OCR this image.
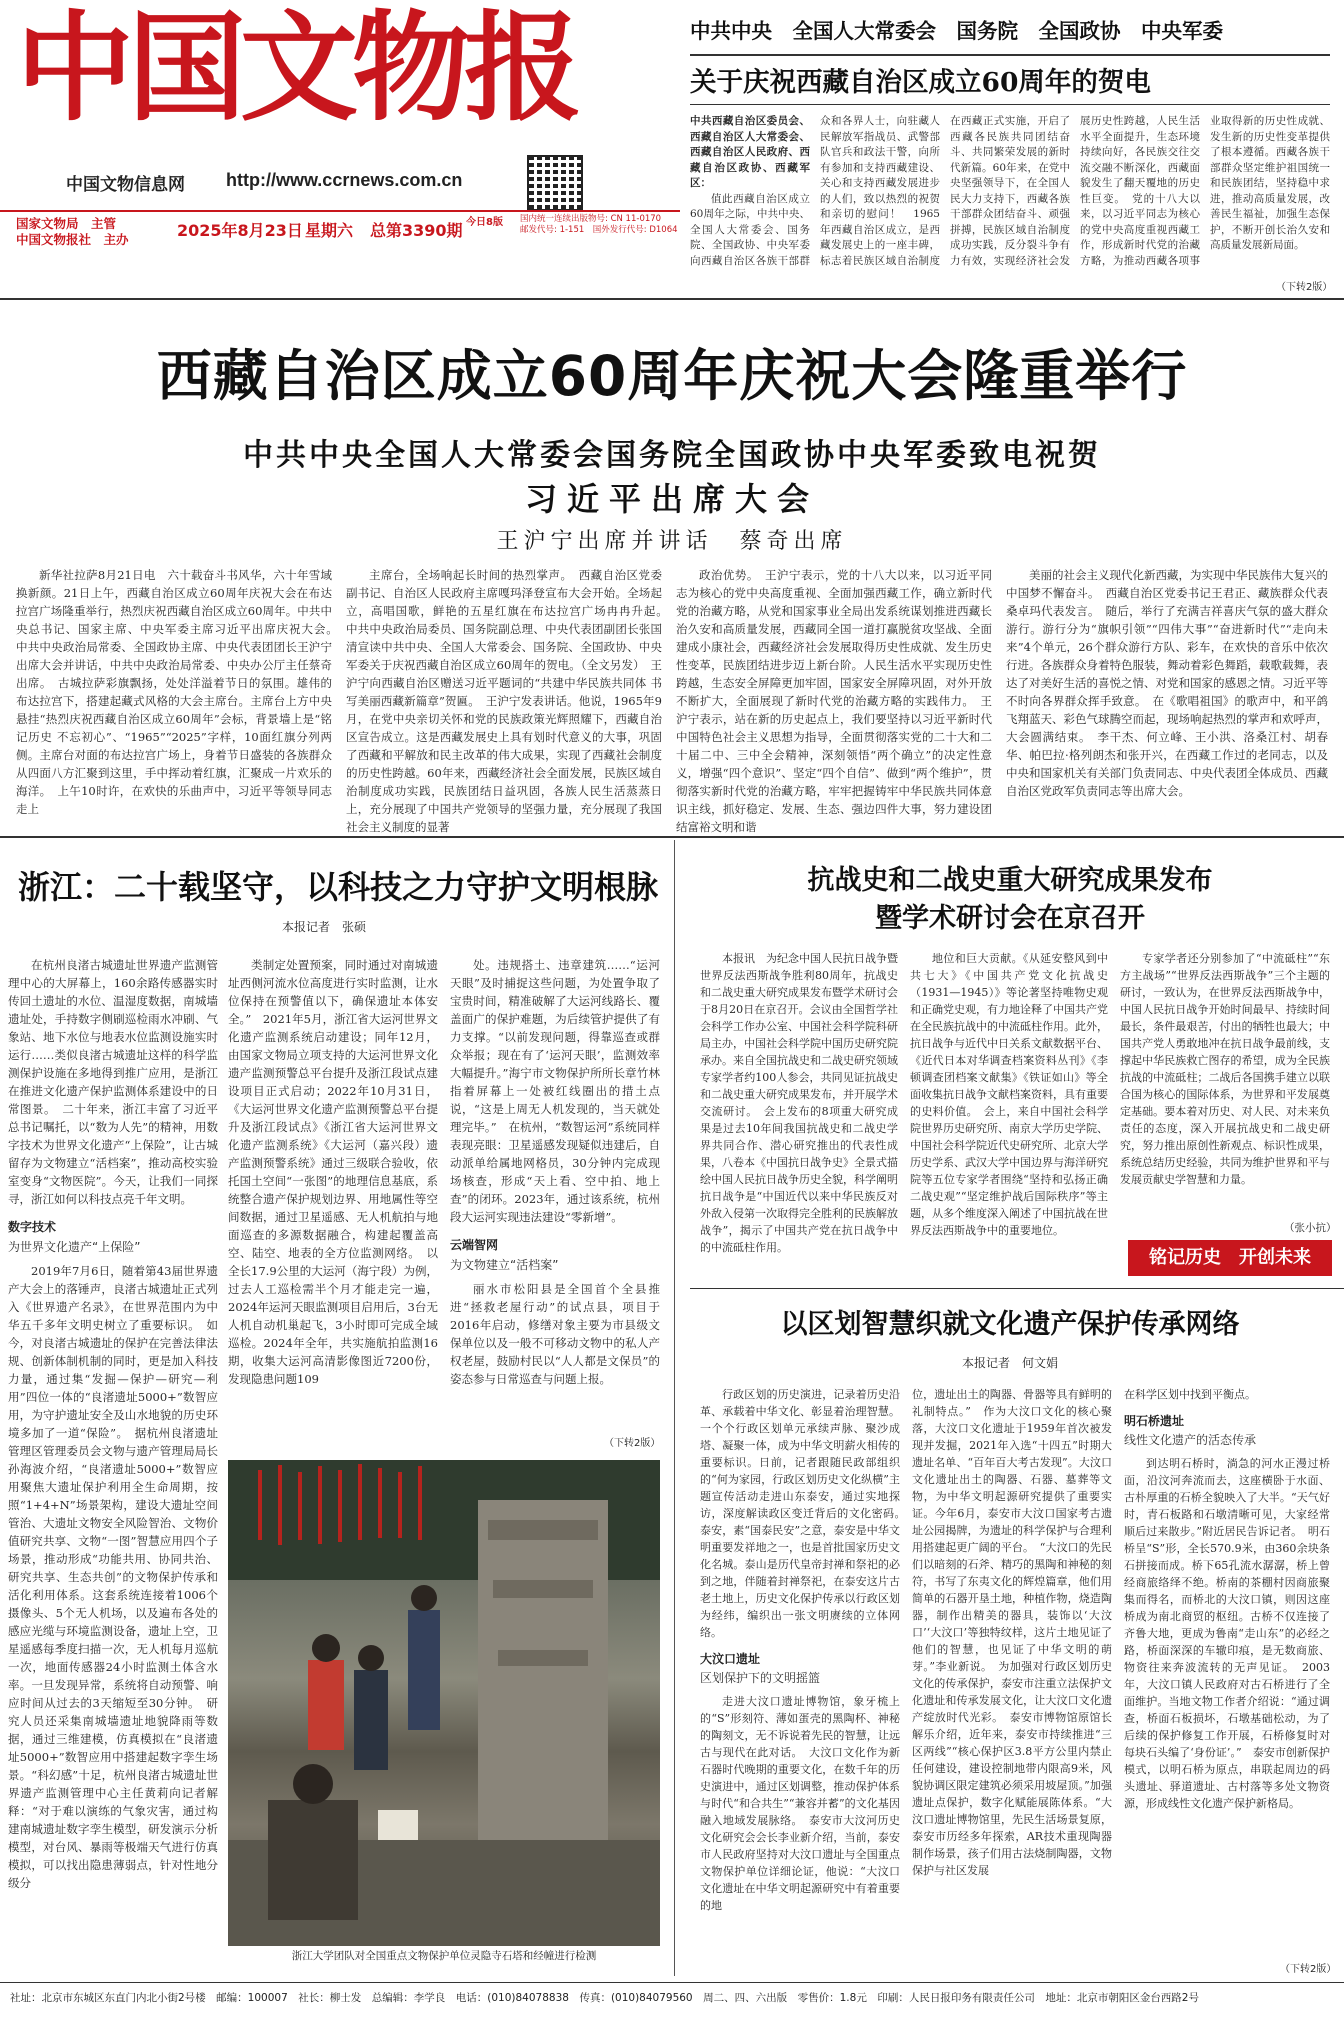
中国文物报
中国文物信息网 http://www.ccrnews.com.cn
国家文物局　 主管
中国文物报社　 主办	2025年8月23日 星期六 总第3390期 今日8版 国内统一连续出版物号: CN 11-0170
邮发代号: 1-151　 国外发行代号: D1064
中共中央　全国人大常委会　国务院　全国政协　中央军委
关于庆祝西藏自治区成立60周年的贺电

中共西藏自治区委员会、西藏自治区人大常委会、西藏自治区人民政府、西藏自治区政协、西藏军区：

值此西藏自治区成立60周年之际，中共中央、全国人大常委会、国务院、全国政协、中央军委向西藏自治区各族干部群众和各界人士，向驻藏人民解放军指战员、武警部队官兵和政法干警，向所有参加和支持西藏建设、关心和支持西藏发展进步的人们，致以热烈的祝贺和亲切的慰问！　1965年西藏自治区成立，是西藏发展史上的一座丰碑，标志着民族区域自治制度在西藏正式实施，开启了西藏各民族共同团结奋斗、共同繁荣发展的新时代新篇。60年来，在党中央坚强领导下，在全国人民大力支持下，西藏各族干部群众团结奋斗、顽强拼搏，民族区域自治制度成功实践，反分裂斗争有力有效，实现经济社会发展历史性跨越，人民生活水平全面提升，生态环境持续向好，各民族交往交流交融不断深化，西藏面貌发生了翻天覆地的历史性巨变。　党的十八大以来，以习近平同志为核心的党中央高度重视西藏工作，形成新时代党的治藏方略，为推动西藏各项事业取得新的历史性成就、发生新的历史性变革提供了根本遵循。西藏各族干部群众坚定维护祖国统一和民族团结，坚持稳中求进，推动高质量发展，改善民生福祉，加强生态保护，不断开创长治久安和高质量发展新局面。

（下转2版）
西藏自治区成立60周年庆祝大会隆重举行
中共中央全国人大常委会国务院全国政协中央军委致电祝贺
习近平出席大会
王沪宁出席并讲话　蔡奇出席

新华社拉萨8月21日电　六十载奋斗书风华，六十年雪域换新颜。21日上午，西藏自治区成立60周年庆祝大会在布达拉宫广场隆重举行，热烈庆祝西藏自治区成立60周年。中共中央总书记、国家主席、中央军委主席习近平出席庆祝大会。　中共中央政治局常委、全国政协主席、中央代表团团长王沪宁出席大会并讲话，中共中央政治局常委、中央办公厅主任蔡奇出席。　古城拉萨彩旗飘扬，处处洋溢着节日的氛围。雄伟的布达拉宫下，搭建起藏式风格的大会主席台。主席台上方中央悬挂“热烈庆祝西藏自治区成立60周年”会标，背景墙上是“铭记历史 不忘初心”、“1965”“2025”字样，10面红旗分列两侧。主席台对面的布达拉宫广场上，身着节日盛装的各族群众从四面八方汇聚到这里，手中挥动着红旗，汇聚成一片欢乐的海洋。　上午10时许，在欢快的乐曲声中，习近平等领导同志走上

主席台，全场响起长时间的热烈掌声。　西藏自治区党委副书记、自治区人民政府主席嘎玛泽登宣布大会开始。全场起立，高唱国歌，鲜艳的五星红旗在布达拉宫广场冉冉升起。　中共中央政治局委员、国务院副总理、中央代表团副团长张国清宣读中共中央、全国人大常委会、国务院、全国政协、中央军委关于庆祝西藏自治区成立60周年的贺电。（全文另发）　王沪宁向西藏自治区赠送习近平题词的“共建中华民族共同体 书写美丽西藏新篇章”贺匾。　王沪宁发表讲话。他说，1965年9月，在党中央亲切关怀和党的民族政策光辉照耀下，西藏自治区宣告成立。这是西藏发展史上具有划时代意义的大事，巩固了西藏和平解放和民主改革的伟大成果，实现了西藏社会制度的历史性跨越。60年来，西藏经济社会全面发展，民族区域自治制度成功实践，民族团结日益巩固，各族人民生活蒸蒸日上，充分展现了中国共产党领导的坚强力量，充分展现了我国社会主义制度的显著

政治优势。　王沪宁表示，党的十八大以来，以习近平同志为核心的党中央高度重视、全面加强西藏工作，确立新时代党的治藏方略，从党和国家事业全局出发系统谋划推进西藏长治久安和高质量发展，西藏同全国一道打赢脱贫攻坚战、全面建成小康社会，西藏经济社会发展取得历史性成就、发生历史性变革，民族团结进步迈上新台阶。人民生活水平实现历史性跨越，生态安全屏障更加牢固，国家安全屏障巩固，对外开放不断扩大，全面展现了新时代党的治藏方略的实践伟力。　王沪宁表示，站在新的历史起点上，我们要坚持以习近平新时代中国特色社会主义思想为指导，全面贯彻落实党的二十大和二十届二中、三中全会精神，深刻领悟“两个确立”的决定性意义，增强“四个意识”、坚定“四个自信”、做到“两个维护”，贯彻落实新时代党的治藏方略，牢牢把握铸牢中华民族共同体意识主线，抓好稳定、发展、生态、强边四件大事，努力建设团结富裕文明和谐

美丽的社会主义现代化新西藏，为实现中华民族伟大复兴的中国梦不懈奋斗。　西藏自治区党委书记王君正、藏族群众代表桑卓玛代表发言。　随后，举行了充满吉祥喜庆气氛的盛大群众游行。游行分为“旗帜引领”“四伟大事”“奋进新时代”“走向未来”4个单元，26个群众游行方队、彩车，在欢快的音乐中依次行进。各族群众身着特色服装，舞动着彩色舞蹈，载歌载舞，表达了对美好生活的喜悦之情、对党和国家的感恩之情。习近平等不时向各界群众挥手致意。　在《歌唱祖国》的歌声中，和平鸽飞翔蓝天、彩色气球腾空而起，现场响起热烈的掌声和欢呼声，大会圆满结束。　李干杰、何立峰、王小洪、洛桑江村、胡春华、帕巴拉·格列朗杰和张开兴，在西藏工作过的老同志，以及中央和国家机关有关部门负责同志、中央代表团全体成员、西藏自治区党政军负责同志等出席大会。

浙江：二十载坚守，以科技之力守护文明根脉
本报记者　张硕

在杭州良渚古城遗址世界遗产监测管理中心的大屏幕上，160余路传感器实时传回土遗址的水位、温湿度数据，南城墙遗址处，手持数字侧刷巡检雨水冲刷、气象站、地下水位与地表水位监测设施实时运行……类似良渚古城遗址这样的科学监测保护设施在多地得到推广应用，是浙江在推进文化遗产保护监测体系建设中的日常图景。　二十年来，浙江丰富了习近平总书记嘱托，以“数为人先”的精神，用数字技术为世界文化遗产“上保险”，让古城留存为文物建立“活档案”，推动高校实验室变身“文物医院”。今天，让我们一同探寻，浙江如何以科技点亮千年文明。

数字技术
为世界文化遗产“上保险”

2019年7月6日，随着第43届世界遗产大会上的落锤声，良渚古城遗址正式列入《世界遗产名录》，在世界范围内为中华五千多年文明史树立了重要标识。　如今，对良渚古城遗址的保护在完善法律法规、创新体制机制的同时，更是加入科技力量，通过集“发掘—保护—研究—利用”四位一体的“良渚遗址5000+”数智应用，为守护遗址安全及山水地貌的历史环境多加了一道“保险”。　据杭州良渚遗址管理区管理委员会文物与遗产管理局局长孙海波介绍，“良渚遗址5000+”数智应用聚焦大遗址保护利用全生命周期，按照“1+4+N”场景架构，建设大遗址空间管治、大遗址文物安全风险智治、文物价值研究共享、文物“一图”智慧应用四个子场景，推动形成“功能共用、协同共治、研究共享、生态共创”的文物保护传承和活化利用体系。这套系统连接着1006个摄像头、5个无人机场，以及遍布各处的感应光缆与环境监测设备，遗址上空，卫星遥感每季度扫描一次，无人机每月巡航一次，地面传感器24小时监测土体含水率。一旦发现异常，系统将自动预警、响应时间从过去的3天缩短至30分钟。　研究人员还采集南城墙遗址地貌降雨等数据，通过三维建模，仿真模拟在“良渚遗址5000+”数智应用中搭建起数字孪生场景。“科幻感”十足，杭州良渚古城遗址世界遗产监测管理中心主任黄莉向记者解释：“对于难以演练的气象灾害，通过构建南城遗址数字孪生模型，研发演示分析模型，对台风、暴雨等极端天气进行仿真模拟，可以找出隐患薄弱点，针对性地分级分

类制定处置预案，同时通过对南城遗址西侧河流水位高度进行实时监测，让水位保持在预警值以下，确保遗址本体安全。”　2021年5月，浙江省大运河世界文化遗产监测系统启动建设；同年12月，由国家文物局立项支持的大运河世界文化遗产监测预警总平台提升及浙江段试点建设项目正式启动；2022年10月31日，《大运河世界文化遗产监测预警总平台提升及浙江段试点》《浙江省大运河世界文化遗产监测系统》《大运河（嘉兴段）遗产监测预警系统》通过三级联合验收，依托国土空间“一张图”的地理信息基底，系统整合遗产保护规划边界、用地属性等空间数据，通过卫星遥感、无人机航拍与地面巡查的多源数据融合，构建起覆盖高空、陆空、地表的全方位监测网络。　以全长17.9公里的大运河（海宁段）为例，过去人工巡检需半个月才能走完一遍，2024年运河天眼监测项目启用后，3台无人机自动机巢起飞，3小时即可完成全域巡检。2024年全年，共实施航拍监测16期，收集大运河高清影像图近7200份，发现隐患问题109

处。违规搭土、违章建筑……“运河天眼”及时捕捉这些问题，为处置争取了宝贵时间，精准破解了大运河线路长、覆盖面广的保护难题，为后续管护提供了有力支撑。“以前发现问题，得靠巡查或群众举报；现在有了‘运河天眼’，监测效率大幅提升。”海宁市文物保护所所长章竹林指着屏幕上一处被红线圈出的措土点说，“这是上周无人机发现的，当天就处理完毕。”　在杭州，“数智运河”系统同样表现亮眼：卫星遥感发现疑似违建后，自动派单给属地网格员，30分钟内完成现场核查，形成“天上看、空中拍、地上查”的闭环。2023年，通过该系统，杭州段大运河实现违法建设“零新增”。

云端智网
为文物建立“活档案”

丽水市松阳县是全国首个全县推进“拯救老屋行动”的试点县，项目于2016年启动，修缮对象主要为市县级文保单位以及一般不可移动文物中的私人产权老屋，鼓励村民以“人人都是文保员”的姿态参与日常巡查与问题上报。

（下转2版）
浙江大学团队对全国重点文物保护单位灵隐寺石塔和经幢进行检测
抗战史和二战史重大研究成果发布
暨学术研讨会在京召开

本报讯　为纪念中国人民抗日战争暨世界反法西斯战争胜利80周年，抗战史和二战史重大研究成果发布暨学术研讨会于8月20日在京召开。会议由全国哲学社会科学工作办公室、中国社会科学院科研局主办，中国社会科学院中国历史研究院承办。来自全国抗战史和二战史研究领域专家学者约100人参会，共同见证抗战史和二战史重大研究成果发布，并开展学术交流研讨。　会上发布的8项重大研究成果是过去10年间我国抗战史和二战史学界共同合作、潜心研究推出的代表性成果，八卷本《中国抗日战争史》全景式描绘中国人民抗日战争历史全貌，科学阐明抗日战争是“中国近代以来中华民族反对外敌入侵第一次取得完全胜利的民族解放战争”，揭示了中国共产党在抗日战争中的中流砥柱作用。

地位和巨大贡献。《从延安整风到中共七大》《中国共产党文化抗战史（1931—1945）》等论著坚持唯物史观和正确党史观，有力地诠释了中国共产党在全民族抗战中的中流砥柱作用。此外，抗日战争与近代中日关系文献数据平台、《近代日本对华调查档案资料丛刊》《李顿调查团档案文献集》《铁证如山》等全面收集抗日战争文献档案资料，具有重要的史料价值。　会上，来自中国社会科学院世界历史研究所、南京大学历史学院、中国社会科学院近代史研究所、北京大学历史学系、武汉大学中国边界与海洋研究院等五位专家学者围绕“坚持和弘扬正确二战史观”“坚定维护战后国际秩序”等主题，从多个维度深入阐述了中国抗战在世界反法西斯战争中的重要地位。

专家学者还分别参加了“中流砥柱”“东方主战场”“世界反法西斯战争”三个主题的研讨，一致认为，在世界反法西斯战争中，中国人民抗日战争开始时间最早、持续时间最长，条件最艰苦，付出的牺牲也最大；中国共产党人勇敢地冲在抗日战争最前线，支撑起中华民族救亡图存的希望，成为全民族抗战的中流砥柱；二战后各国携手建立以联合国为核心的国际体系，为世界和平发展奠定基础。要本着对历史、对人民、对未来负责任的态度，深入开展抗战史和二战史研究，努力推出原创性新观点、标识性成果，系统总结历史经验，共同为维护世界和平与发展贡献史学智慧和力量。

（张小抗）
铭记历史　开创未来
以区划智慧织就文化遗产保护传承网络
本报记者　何文娟

行政区划的历史演进，记录着历史沿革、承载着中华文化、彰显着治理智慧。一个个行政区划单元承续声脉、聚沙成塔、凝聚一体，成为中华文明薪火相传的重要标识。日前，记者跟随民政部组织的“何为家园，行政区划历史文化纵横”主题宣传活动走进山东泰安，通过实地探访，深度解读政区变迁背后的文化密码。　泰安，素“国泰民安”之意，泰安是中华文明重要发祥地之一，也是首批国家历史文化名城。泰山是历代皇帝封禅和祭祀的必到之地，伴随着封禅祭祀，在泰安这片古老土地上，历史文化保护传承以行政区划为经纬，编织出一张文明赓续的立体网络。

大汶口遗址
区划保护下的文明摇篮

走进大汶口遗址博物馆，象牙梳上的“S”形刻符、薄如蛋壳的黑陶杯、神秘的陶刻文，无不诉说着先民的智慧，让远古与现代在此对话。　大汶口文化作为新石器时代晚期的重要文化，在数千年的历史演进中，通过区划调整，推动保护体系与时代“和合共生”“兼容并蓄”的文化基因融入地域发展脉络。　泰安市大汶河历史文化研究会会长李业新介绍，当前，泰安市人民政府坚持对大汶口遗址与全国重点文物保护单位详细论证，他说：“大汶口文化遗址在中华文明起源研究中有着重要的地

位，遗址出土的陶器、骨器等具有鲜明的礼制特点。”　作为大汶口文化的核心聚落，大汶口文化遗址于1959年首次被发现并发掘，2021年入选“十四五”时期大遗址名单、“百年百大考古发现”。大汶口文化遗址出土的陶器、石器、墓葬等文物，为中华文明起源研究提供了重要实证。今年6月，泰安市大汶口国家考古遗址公园揭牌，为遗址的科学保护与合理利用搭建起更广阔的平台。　“大汶口的先民们以暗刻的石斧、精巧的黑陶和神秘的刻符，书写了东夷文化的辉煌篇章，他们用简单的石器开垦土地，种植作物，烧造陶器，制作出精美的器具，装饰以‘大汶口’‘大汶口’等独特纹样，这片土地见证了他们的智慧，也见证了中华文明的萌芽。”李业新说。　为加强对行政区划历史文化的传承保护，泰安市注重立法保护文化遗址和传承发展文化，让大汶口文化遗产绽放时代光彩。　泰安市博物馆原馆长解乐介绍，近年来，泰安市持续推进“三区两线”“核心保护区3.8平方公里内禁止任何建设，建设控制地带内限高9米，风貌协调区限定建筑必须采用坡屋顶。”加强遗址点保护，数字化赋能展陈体系。“大汶口遗址博物馆里，先民生活场景复原，泰安市历经多年探索，AR技术重现陶器制作场景，孩子们用古法烧制陶器，文物保护与社区发展

在科学区划中找到平衡点。

明石桥遗址
线性文化遗产的活态传承

到达明石桥时，淌急的河水正漫过桥面，沿汶河奔流而去，这座横卧于水面、古朴厚重的石桥全貌映入了大半。“天气好时，青石板路和石墩清晰可见，大家经常顺后过来散步。”附近居民告诉记者。　明石桥呈“S”形，全长570.9米，由360余块条石拼接而成。桥下65孔流水潺潺，桥上曾经商旅络绎不绝。桥南的茶棚村因商旅聚集而得名，而桥北的大汶口镇，则因这座桥成为南北商贸的枢纽。古桥不仅连接了齐鲁大地，更成为鲁南“走山东”的必经之路，桥面深深的车辙印痕，是无数商旅、物资往来奔波流转的无声见证。　2003年，大汶口镇人民政府对古石桥进行了全面维护。当地文物工作者介绍说：“通过调查，桥面石板损坏，石墩基础松动，为了后续的保护修复工作开展，石桥修复时对每块石头编了‘身份证’。”　泰安市创新保护模式，以明石桥为原点，串联起周边的码头遗址、驿道遗址、古村落等多处文物资源，形成线性文化遗产保护新格局。

（下转2版）
社址：北京市东城区东直门内北小街2号楼　邮编：100007　社长：柳士发　总编辑：李学良　电话：(010)84078838　传真：(010)84079560　周二、四、六出版　零售价：1.8元　印刷：人民日报印务有限责任公司　地址：北京市朝阳区金台西路2号
